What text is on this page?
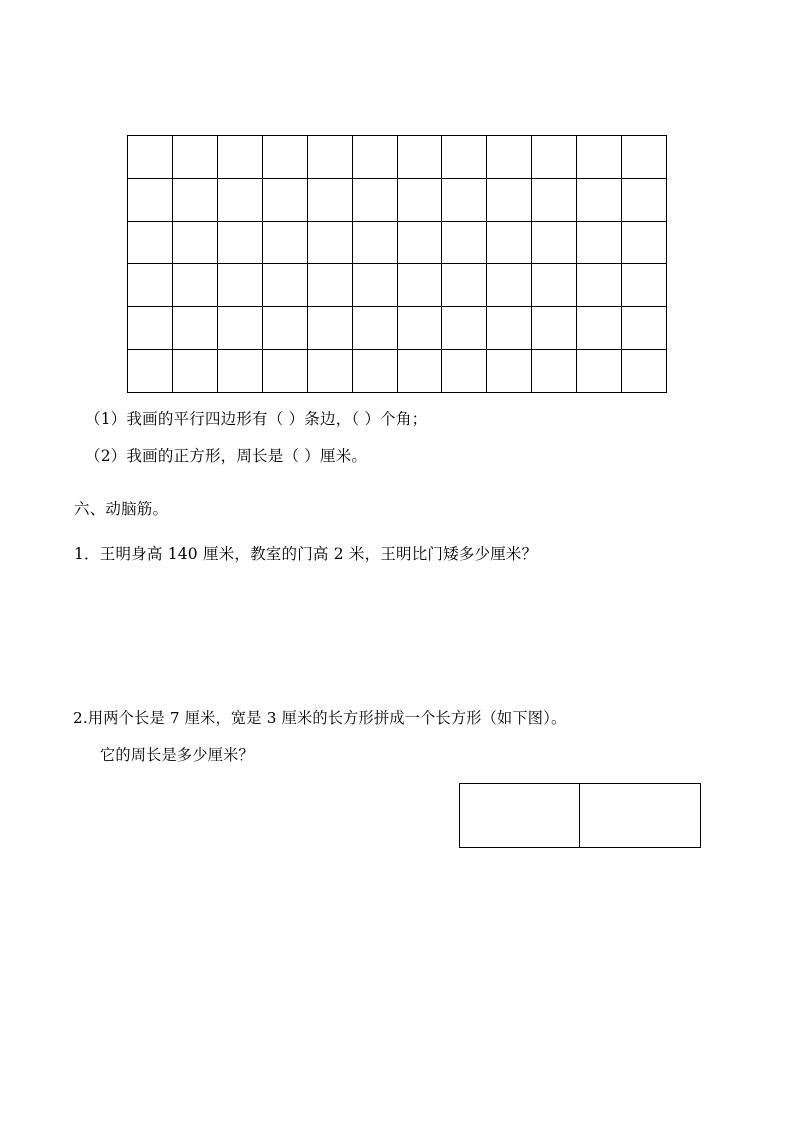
（1）我画的平行四边形有（ ）条边，（ ）个角；
（2）我画的正方形，周长是（ ）厘米。
六、动脑筋。
1．王明身高 140 厘米，教室的门高 2 米，王明比门矮多少厘米？
2.用两个长是 7 厘米，宽是 3 厘米的长方形拼成一个长方形（如下图）。
它的周长是多少厘米？
